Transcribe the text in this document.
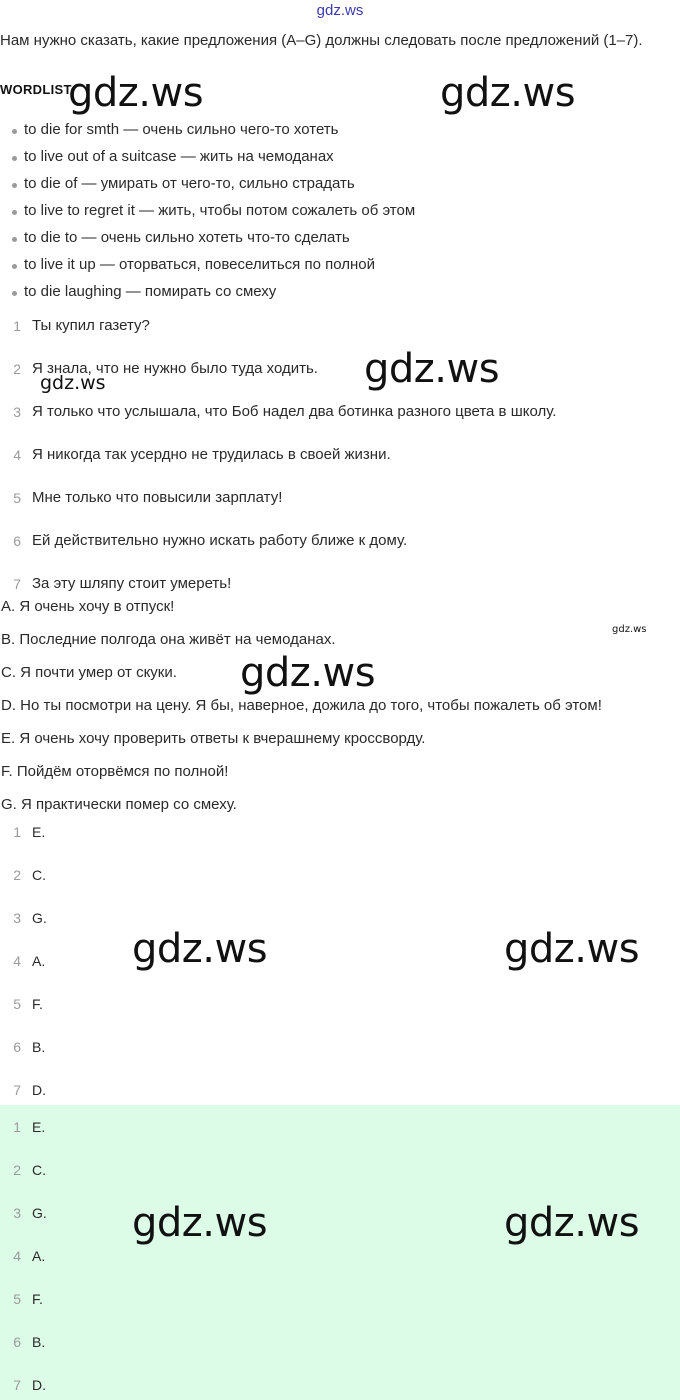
gdz.ws
Нам нужно сказать, какие предложения (A–G) должны следовать после предложений (1–7).
WORDLIST
to die for smth — очень сильно чего-то хотеть
to live out of a suitcase — жить на чемоданах
to die of — умирать от чего-то, сильно страдать
to live to regret it — жить, чтобы потом сожалеть об этом
to die to — очень сильно хотеть что-то сделать
to live it up — оторваться, повеселиться по полной
to die laughing — помирать со смеху
1 Ты купил газету?
2 Я знала, что не нужно было туда ходить.
3 Я только что услышала, что Боб надел два ботинка разного цвета в школу.
4 Я никогда так усердно не трудилась в своей жизни.
5 Мне только что повысили зарплату!
6 Ей действительно нужно искать работу ближе к дому.
7 За эту шляпу стоит умереть!
A. Я очень хочу в отпуск!
B. Последние полгода она живёт на чемоданах.
C. Я почти умер от скуки.
D. Но ты посмотри на цену. Я бы, наверное, дожила до того, чтобы пожалеть об этом!
E. Я очень хочу проверить ответы к вчерашнему кроссворду.
F. Пойдём оторвёмся по полной!
G. Я практически помер со смеху.
1 E.
2 C.
3 G.
4 A.
5 F.
6 B.
7 D.
1 E.
2 C.
3 G.
4 A.
5 F.
6 B.
7 D.
gdz.ws	gdz.ws
gdz.ws
gdz.ws
gdz.ws
gdz.ws
gdz.ws	gdz.ws
gdz.ws	gdz.ws
